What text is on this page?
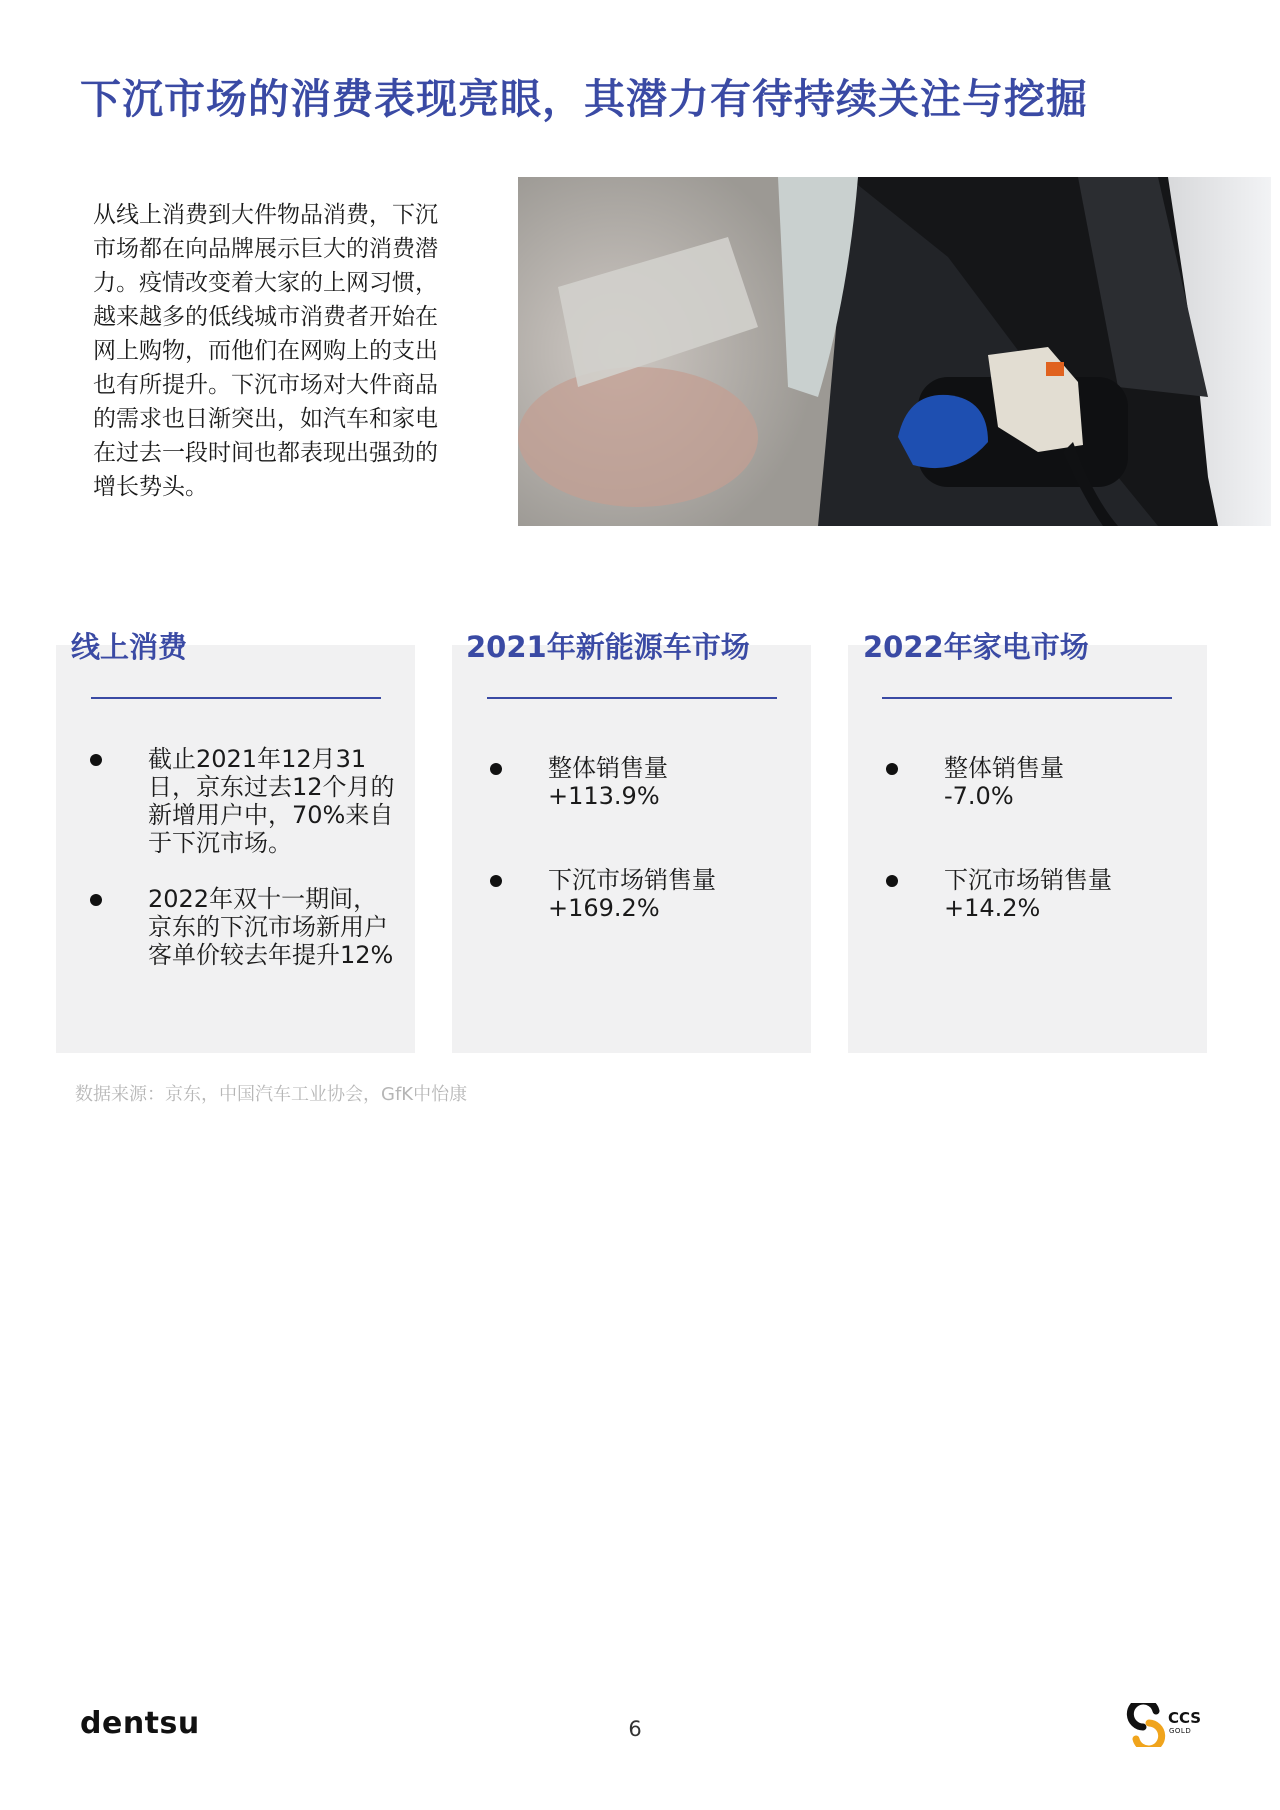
下沉市场的消费表现亮眼，其潜力有待持续关注与挖掘

从线上消费到大件物品消费，下沉市场都在向品牌展示巨大的消费潜力。疫情改变着大家的上网习惯，越来越多的低线城市消费者开始在网上购物，而他们在网购上的支出也有所提升。下沉市场对大件商品的需求也日渐突出，如汽车和家电在过去一段时间也都表现出强劲的增长势头。

线上消费
截止2021年12月31日，京东过去12个月的新增用户中，70%来自于下沉市场。
2022年双十一期间，京东的下沉市场新用户客单价较去年提升12%
2021年新能源车市场
整体销售量
+113.9%
下沉市场销售量
+169.2%
2022年家电市场
整体销售量
-7.0%
下沉市场销售量
+14.2%

数据来源：京东，中国汽车工业协会，GfK中怡康

dentsu	6	CCS
GOLD
